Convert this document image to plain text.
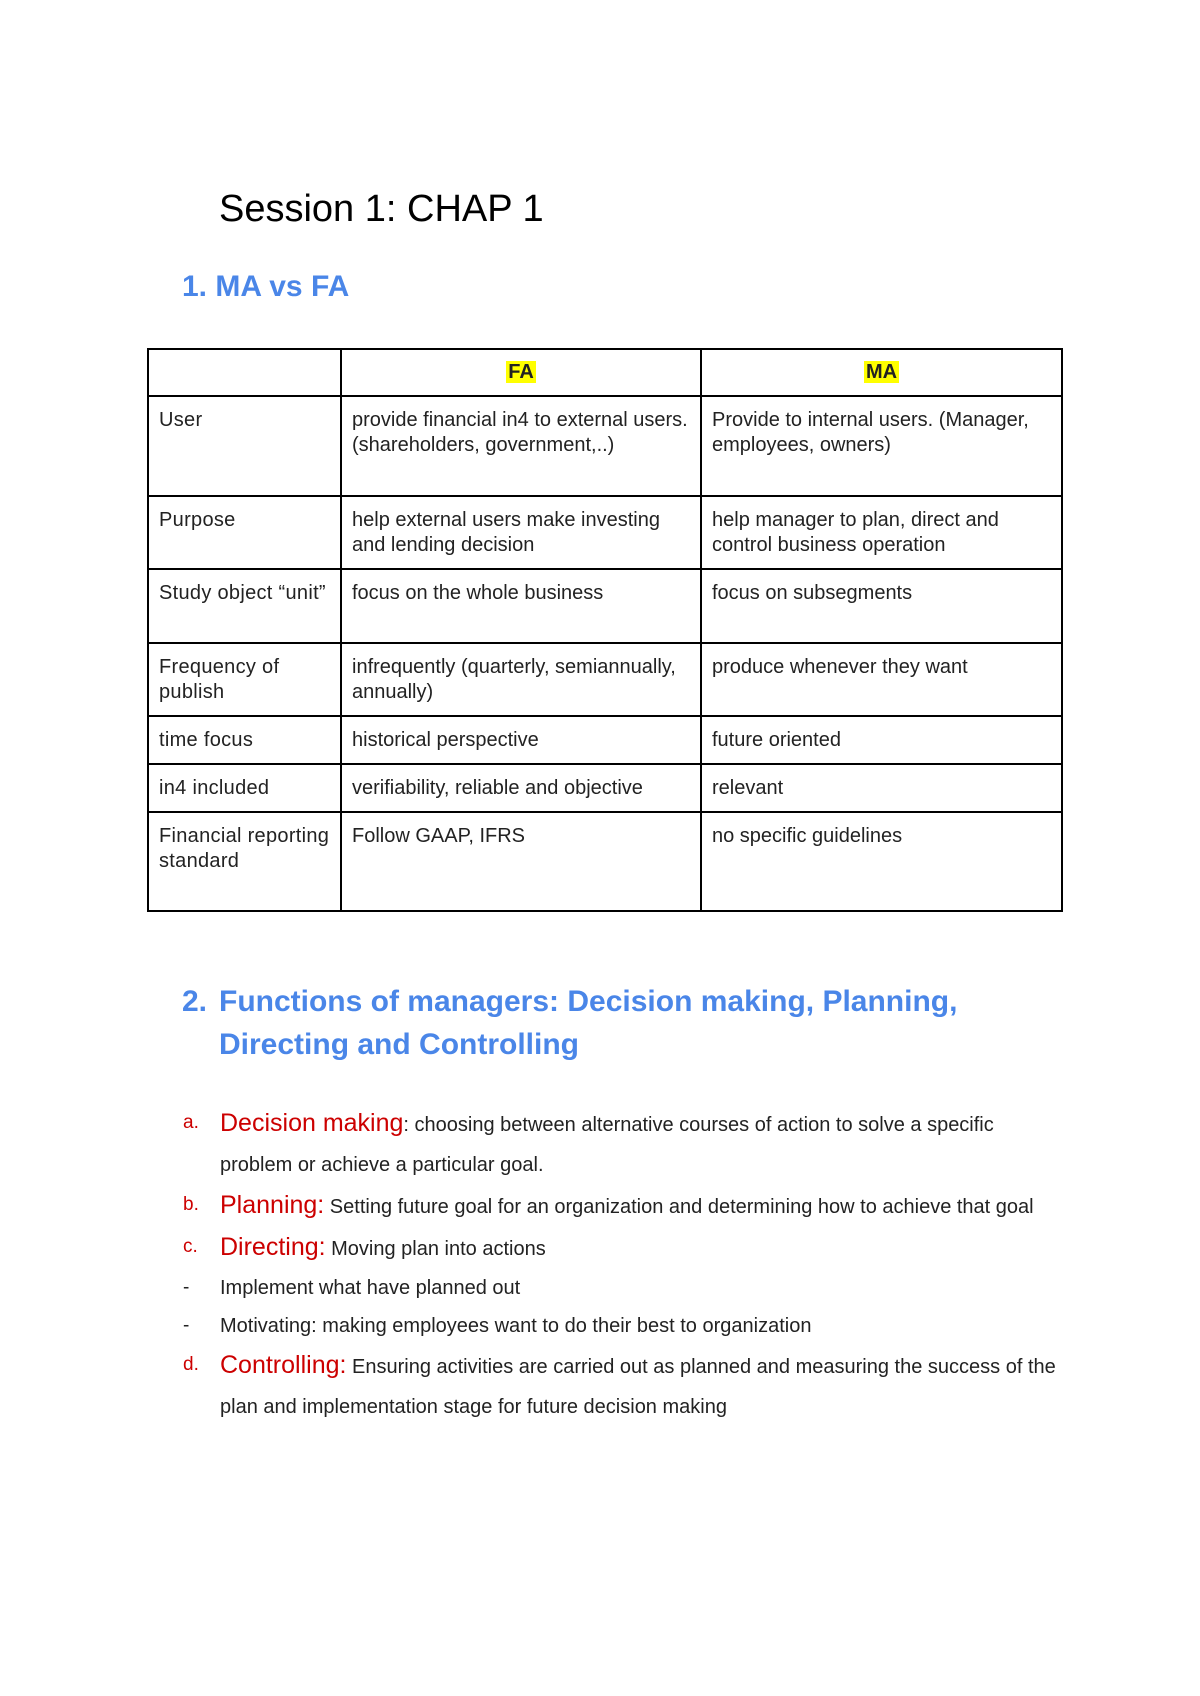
Session 1: CHAP 1
1. MA vs FA
	FA	MA
User	provide financial in4 to external users. (shareholders, government,..)	Provide to internal users. (Manager, employees, owners)
Purpose	help external users make investing and lending decision	help manager to plan, direct and control business operation
Study object “unit”	focus on the whole business	focus on subsegments
Frequency of publish	infrequently (quarterly, semiannually, annually)	produce whenever they want
time focus	historical perspective	future oriented
in4 included	verifiability, reliable and objective	relevant
Financial reporting standard	Follow GAAP, IFRS	no specific guidelines
2. Functions of managers: Decision making, Planning, Directing and Controlling
a. Decision making: choosing between alternative courses of action to solve a specific problem or achieve a particular goal.
b. Planning: Setting future goal for an organization and determining how to achieve that goal
c. Directing: Moving plan into actions
- Implement what have planned out
- Motivating: making employees want to do their best to organization
d. Controlling: Ensuring activities are carried out as planned and measuring the success of the plan and implementation stage for future decision making
